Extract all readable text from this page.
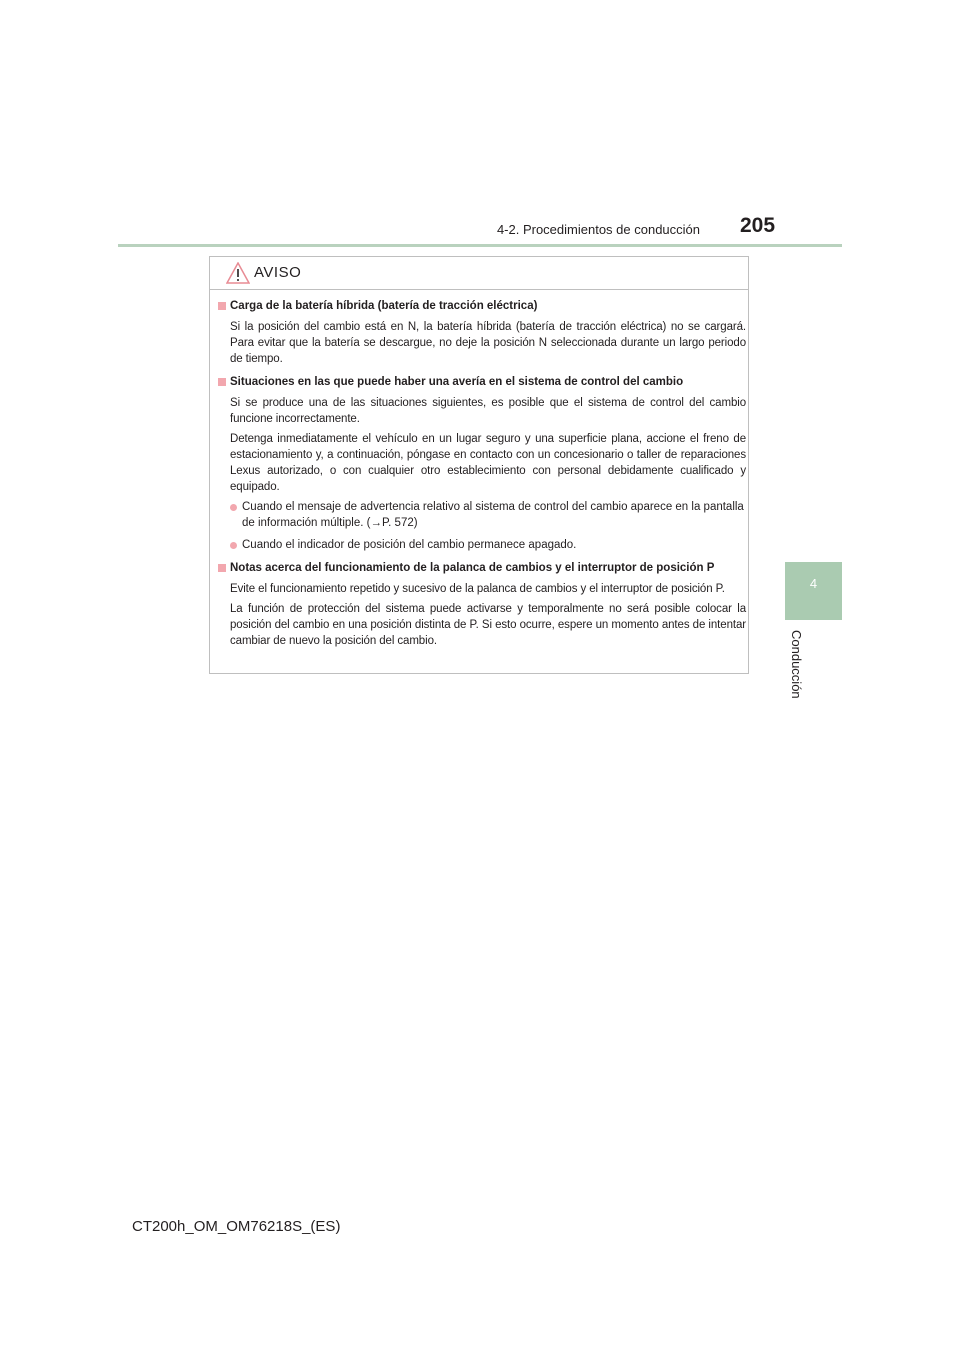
4-2. Procedimientos de conducción 205
4
Conducción
AVISO
Carga de la batería híbrida (batería de tracción eléctrica)
Si la posición del cambio está en N, la batería híbrida (batería de tracción eléctrica) no se cargará. Para evitar que la batería se descargue, no deje la posición N seleccionada durante un largo periodo de tiempo.
Situaciones en las que puede haber una avería en el sistema de control del cambio
Si se produce una de las situaciones siguientes, es posible que el sistema de control del cambio funcione incorrectamente.
Detenga inmediatamente el vehículo en un lugar seguro y una superficie plana, accione el freno de estacionamiento y, a continuación, póngase en contacto con un concesionario o taller de reparaciones Lexus autorizado, o con cualquier otro establecimiento con personal debidamente cualificado y equipado.
Cuando el mensaje de advertencia relativo al sistema de control del cambio aparece en la pantalla de información múltiple. (→P. 572)
Cuando el indicador de posición del cambio permanece apagado.
Notas acerca del funcionamiento de la palanca de cambios y el interruptor de posición P
Evite el funcionamiento repetido y sucesivo de la palanca de cambios y el interruptor de posición P.
La función de protección del sistema puede activarse y temporalmente no será posible colocar la posición del cambio en una posición distinta de P. Si esto ocurre, espere un momento antes de intentar cambiar de nuevo la posición del cambio.
CT200h_OM_OM76218S_(ES)
